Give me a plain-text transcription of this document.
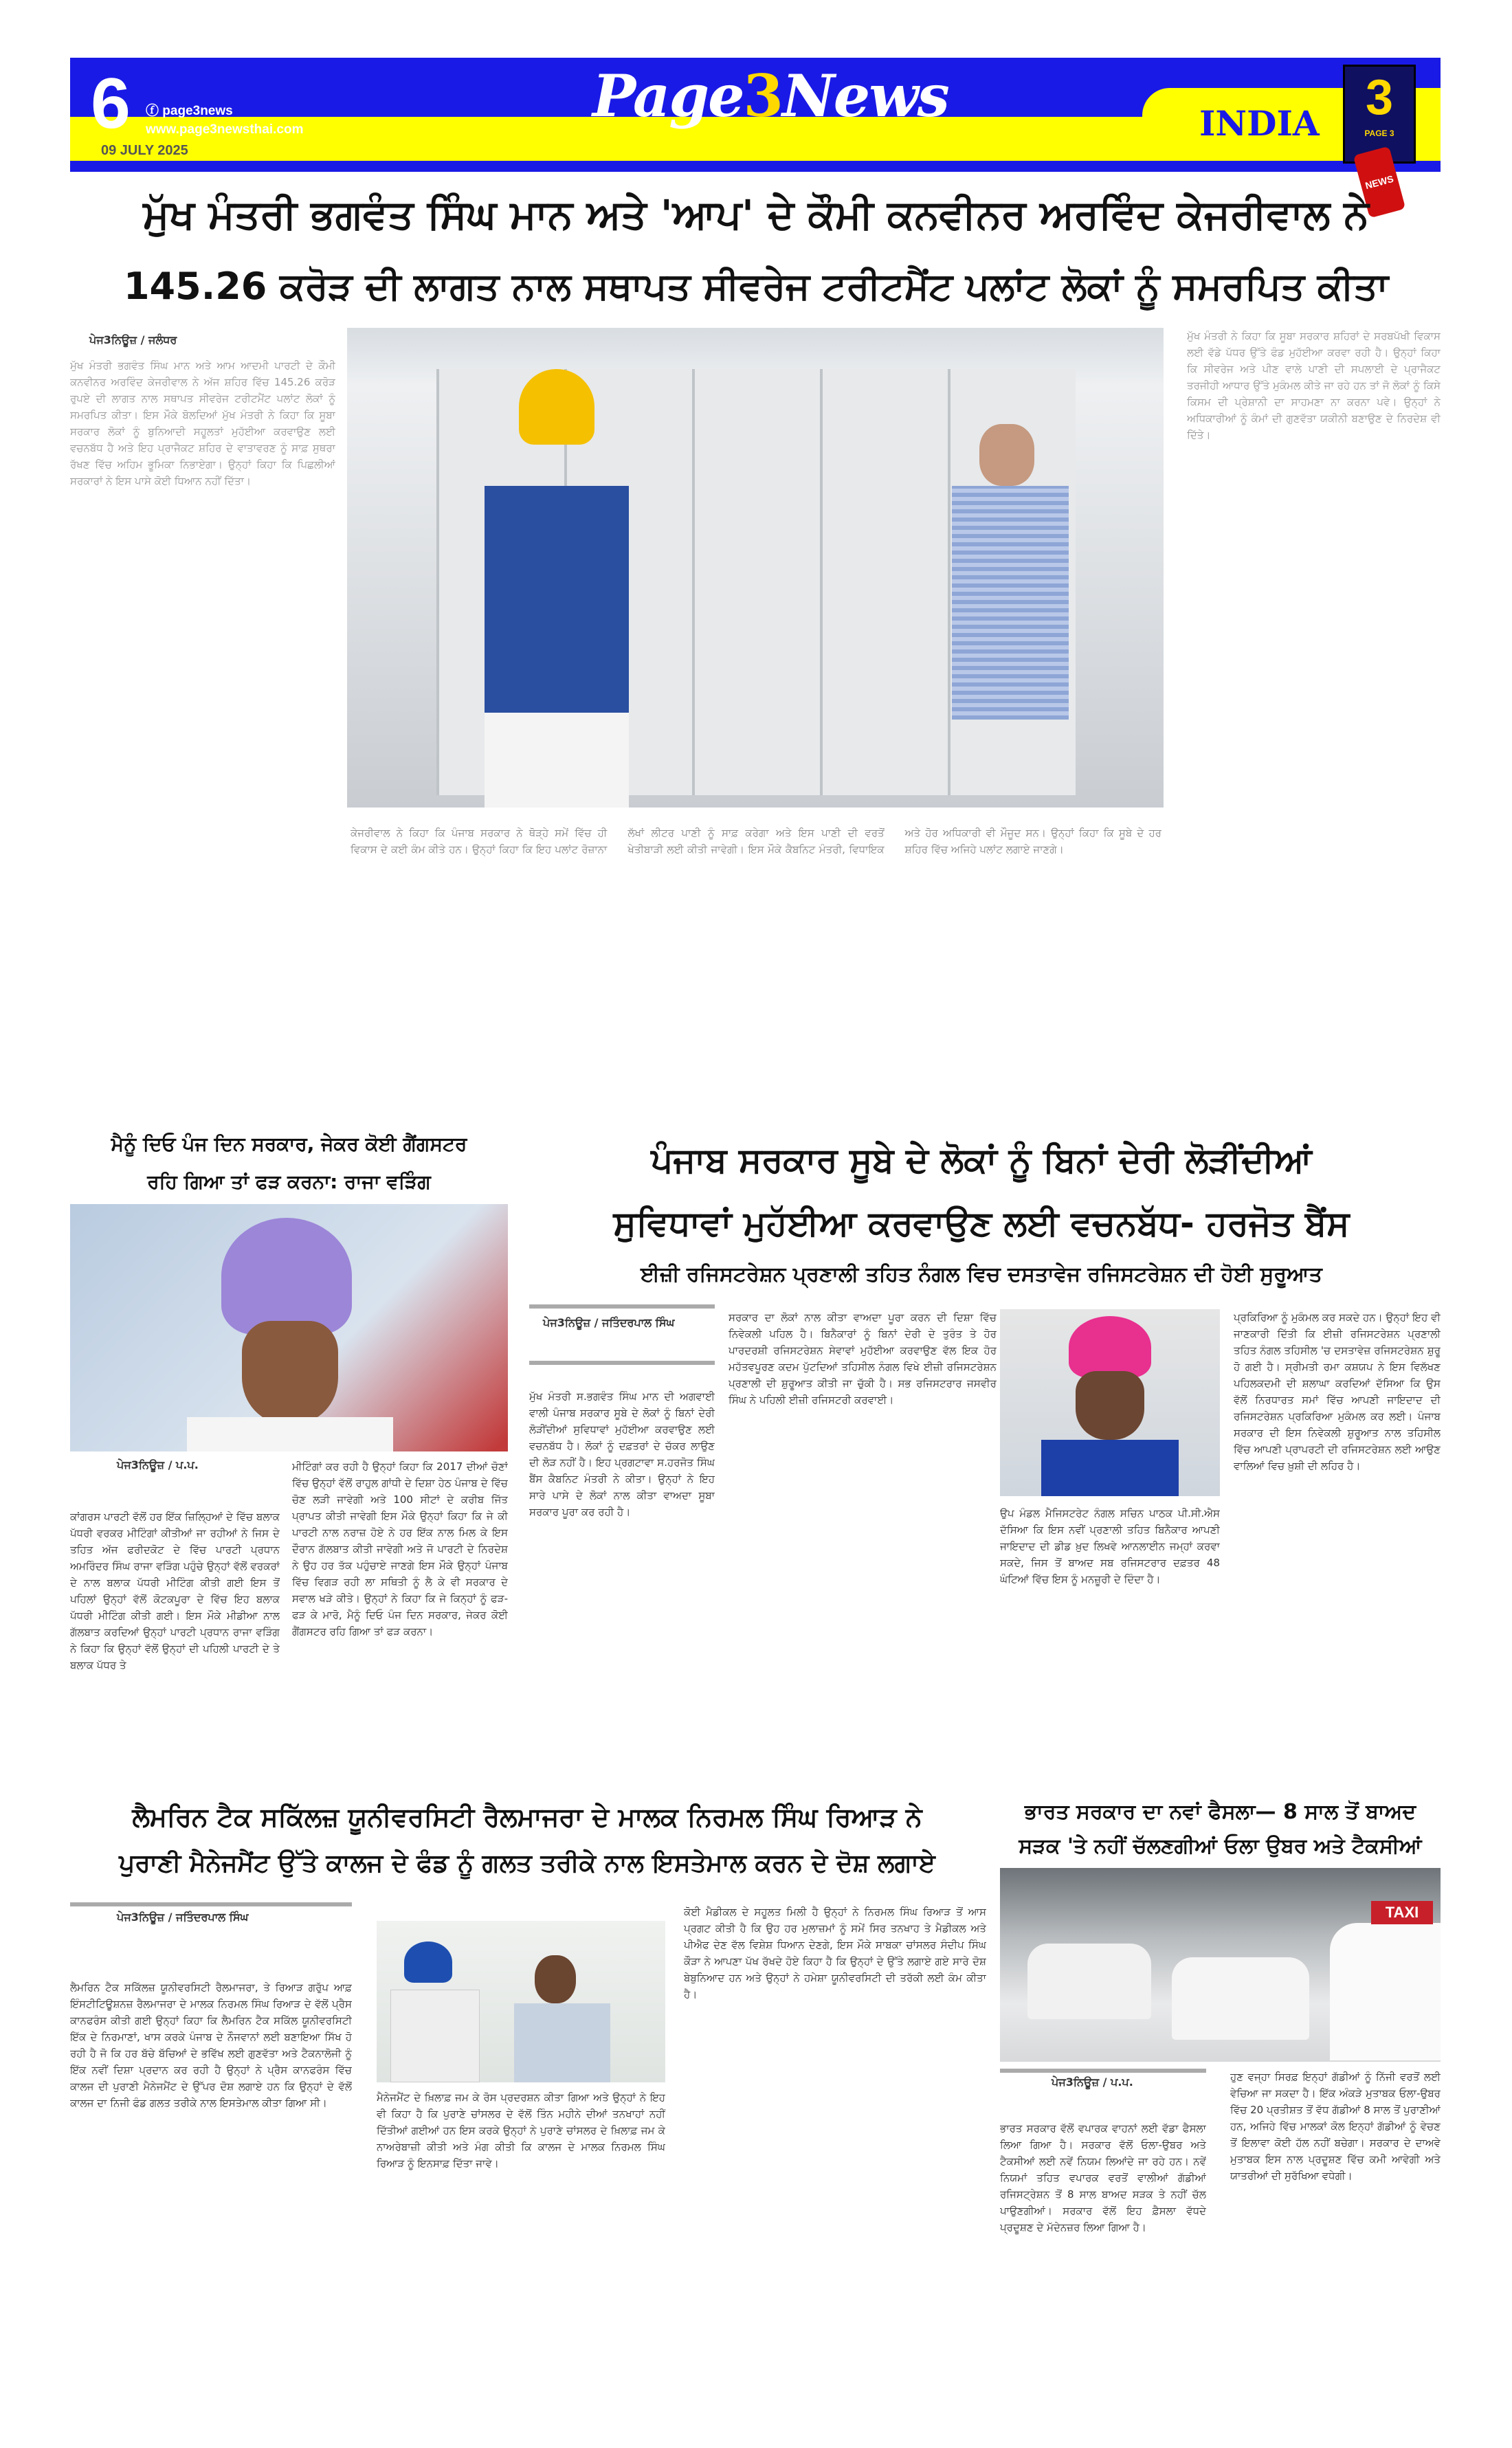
6 ⓕ page3news
www.page3newsthai.com
09 JULY 2025
Page3News	INDIA 3
PAGE 3
NEWS
ਮੁੱਖ ਮੰਤਰੀ ਭਗਵੰਤ ਸਿੰਘ ਮਾਨ ਅਤੇ 'ਆਪ' ਦੇ ਕੌਮੀ ਕਨਵੀਨਰ ਅਰਵਿੰਦ ਕੇਜਰੀਵਾਲ ਨੇ
145.26 ਕਰੋੜ ਦੀ ਲਾਗਤ ਨਾਲ ਸਥਾਪਤ ਸੀਵਰੇਜ ਟਰੀਟਮੈਂਟ ਪਲਾਂਟ ਲੋਕਾਂ ਨੂੰ ਸਮਰਪਿਤ ਕੀਤਾ
ਪੇਜ3ਨਿਊਜ਼ / ਜਲੰਧਰ
ਮੁੱਖ ਮੰਤਰੀ ਭਗਵੰਤ ਸਿੰਘ ਮਾਨ ਅਤੇ ਆਮ ਆਦਮੀ ਪਾਰਟੀ ਦੇ ਕੌਮੀ ਕਨਵੀਨਰ ਅਰਵਿੰਦ ਕੇਜਰੀਵਾਲ ਨੇ ਅੱਜ ਸ਼ਹਿਰ ਵਿੱਚ 145.26 ਕਰੋੜ ਰੁਪਏ ਦੀ ਲਾਗਤ ਨਾਲ ਸਥਾਪਤ ਸੀਵਰੇਜ ਟਰੀਟਮੈਂਟ ਪਲਾਂਟ ਲੋਕਾਂ ਨੂੰ ਸਮਰਪਿਤ ਕੀਤਾ। ਇਸ ਮੌਕੇ ਬੋਲਦਿਆਂ ਮੁੱਖ ਮੰਤਰੀ ਨੇ ਕਿਹਾ ਕਿ ਸੂਬਾ ਸਰਕਾਰ ਲੋਕਾਂ ਨੂੰ ਬੁਨਿਆਦੀ ਸਹੂਲਤਾਂ ਮੁਹੱਈਆ ਕਰਵਾਉਣ ਲਈ ਵਚਨਬੱਧ ਹੈ ਅਤੇ ਇਹ ਪ੍ਰਾਜੈਕਟ ਸ਼ਹਿਰ ਦੇ ਵਾਤਾਵਰਣ ਨੂੰ ਸਾਫ਼ ਸੁਥਰਾ ਰੱਖਣ ਵਿੱਚ ਅਹਿਮ ਭੂਮਿਕਾ ਨਿਭਾਏਗਾ। ਉਨ੍ਹਾਂ ਕਿਹਾ ਕਿ ਪਿਛਲੀਆਂ ਸਰਕਾਰਾਂ ਨੇ ਇਸ ਪਾਸੇ ਕੋਈ ਧਿਆਨ ਨਹੀਂ ਦਿੱਤਾ।
ਕੇਜਰੀਵਾਲ ਨੇ ਕਿਹਾ ਕਿ ਪੰਜਾਬ ਸਰਕਾਰ ਨੇ ਥੋੜ੍ਹੇ ਸਮੇਂ ਵਿੱਚ ਹੀ ਵਿਕਾਸ ਦੇ ਕਈ ਕੰਮ ਕੀਤੇ ਹਨ। ਉਨ੍ਹਾਂ ਕਿਹਾ ਕਿ ਇਹ ਪਲਾਂਟ ਰੋਜ਼ਾਨਾ ਲੱਖਾਂ ਲੀਟਰ ਪਾਣੀ ਨੂੰ ਸਾਫ਼ ਕਰੇਗਾ ਅਤੇ ਇਸ ਪਾਣੀ ਦੀ ਵਰਤੋਂ ਖੇਤੀਬਾੜੀ ਲਈ ਕੀਤੀ ਜਾਵੇਗੀ। ਇਸ ਮੌਕੇ ਕੈਬਨਿਟ ਮੰਤਰੀ, ਵਿਧਾਇਕ ਅਤੇ ਹੋਰ ਅਧਿਕਾਰੀ ਵੀ ਮੌਜੂਦ ਸਨ। ਉਨ੍ਹਾਂ ਕਿਹਾ ਕਿ ਸੂਬੇ ਦੇ ਹਰ ਸ਼ਹਿਰ ਵਿੱਚ ਅਜਿਹੇ ਪਲਾਂਟ ਲਗਾਏ ਜਾਣਗੇ।
ਮੁੱਖ ਮੰਤਰੀ ਨੇ ਕਿਹਾ ਕਿ ਸੂਬਾ ਸਰਕਾਰ ਸ਼ਹਿਰਾਂ ਦੇ ਸਰਬਪੱਖੀ ਵਿਕਾਸ ਲਈ ਵੱਡੇ ਪੱਧਰ ਉੱਤੇ ਫੰਡ ਮੁਹੱਈਆ ਕਰਵਾ ਰਹੀ ਹੈ। ਉਨ੍ਹਾਂ ਕਿਹਾ ਕਿ ਸੀਵਰੇਜ ਅਤੇ ਪੀਣ ਵਾਲੇ ਪਾਣੀ ਦੀ ਸਪਲਾਈ ਦੇ ਪ੍ਰਾਜੈਕਟ ਤਰਜੀਹੀ ਆਧਾਰ ਉੱਤੇ ਮੁਕੰਮਲ ਕੀਤੇ ਜਾ ਰਹੇ ਹਨ ਤਾਂ ਜੋ ਲੋਕਾਂ ਨੂੰ ਕਿਸੇ ਕਿਸਮ ਦੀ ਪ੍ਰੇਸ਼ਾਨੀ ਦਾ ਸਾਹਮਣਾ ਨਾ ਕਰਨਾ ਪਵੇ। ਉਨ੍ਹਾਂ ਨੇ ਅਧਿਕਾਰੀਆਂ ਨੂੰ ਕੰਮਾਂ ਦੀ ਗੁਣਵੱਤਾ ਯਕੀਨੀ ਬਣਾਉਣ ਦੇ ਨਿਰਦੇਸ਼ ਵੀ ਦਿੱਤੇ।
ਮੈਨੂੰ ਦਿਓ ਪੰਜ ਦਿਨ ਸਰਕਾਰ, ਜੇਕਰ ਕੋਈ ਗੈਂਗਸਟਰ
ਰਹਿ ਗਿਆ ਤਾਂ ਫੜ ਕਰਨਾ: ਰਾਜਾ ਵੜਿੰਗ
ਪੇਜ3ਨਿਊਜ਼ / ਪ.ਪ.
ਕਾਂਗਰਸ ਪਾਰਟੀ ਵੱਲੋਂ ਹਰ ਇੱਕ ਜ਼ਿਲ੍ਹਿਆਂ ਦੇ ਵਿੱਚ ਬਲਾਕ ਪੱਧਰੀ ਵਰਕਰ ਮੀਟਿੰਗਾਂ ਕੀਤੀਆਂ ਜਾ ਰਹੀਆਂ ਨੇ ਜਿਸ ਦੇ ਤਹਿਤ ਅੱਜ ਫਰੀਦਕੋਟ ਦੇ ਵਿੱਚ ਪਾਰਟੀ ਪ੍ਰਧਾਨ ਅਮਰਿੰਦਰ ਸਿੰਘ ਰਾਜਾ ਵੜਿੰਗ ਪਹੁੰਚੇ ਉਨ੍ਹਾਂ ਵੱਲੋਂ ਵਰਕਰਾਂ ਦੇ ਨਾਲ ਬਲਾਕ ਪੱਧਰੀ ਮੀਟਿੰਗ ਕੀਤੀ ਗਈ ਇਸ ਤੋਂ ਪਹਿਲਾਂ ਉਨ੍ਹਾਂ ਵੱਲੋਂ ਕੋਟਕਪੂਰਾ ਦੇ ਵਿੱਚ ਇਹ ਬਲਾਕ ਪੱਧਰੀ ਮੀਟਿੰਗ ਕੀਤੀ ਗਈ। ਇਸ ਮੌਕੇ ਮੀਡੀਆ ਨਾਲ ਗੱਲਬਾਤ ਕਰਦਿਆਂ ਉਨ੍ਹਾਂ ਪਾਰਟੀ ਪ੍ਰਧਾਨ ਰਾਜਾ ਵੜਿੰਗ ਨੇ ਕਿਹਾ ਕਿ ਉਨ੍ਹਾਂ ਵੱਲੋਂ ਉਨ੍ਹਾਂ ਦੀ ਪਹਿਲੀ ਪਾਰਟੀ ਦੇ ਤੇ ਬਲਾਕ ਪੱਧਰ ਤੇ
ਮੀਟਿੰਗਾਂ ਕਰ ਰਹੀ ਹੈ ਉਨ੍ਹਾਂ ਕਿਹਾ ਕਿ 2017 ਦੀਆਂ ਚੋਣਾਂ ਵਿੱਚ ਉਨ੍ਹਾਂ ਵੱਲੋਂ ਰਾਹੁਲ ਗਾਂਧੀ ਦੇ ਦਿਸ਼ਾ ਹੇਠ ਪੰਜਾਬ ਦੇ ਵਿੱਚ ਚੋਣ ਲੜੀ ਜਾਵੇਗੀ ਅਤੇ 100 ਸੀਟਾਂ ਦੇ ਕਰੀਬ ਜਿੱਤ ਪ੍ਰਾਪਤ ਕੀਤੀ ਜਾਵੇਗੀ ਇਸ ਮੌਕੇ ਉਨ੍ਹਾਂ ਕਿਹਾ ਕਿ ਜੇ ਕੀ ਪਾਰਟੀ ਨਾਲ ਨਰਾਜ਼ ਹੋਏ ਨੇ ਹਰ ਇੱਕ ਨਾਲ ਮਿਲ ਕੇ ਇਸ ਦੌਰਾਨ ਗੱਲਬਾਤ ਕੀਤੀ ਜਾਵੇਗੀ ਅਤੇ ਜੋ ਪਾਰਟੀ ਦੇ ਨਿਰਦੇਸ਼ ਨੇ ਉਹ ਹਰ ਤੱਕ ਪਹੁੰਚਾਏ ਜਾਣਗੇ ਇਸ ਮੌਕੇ ਉਨ੍ਹਾਂ ਪੰਜਾਬ ਵਿੱਚ ਵਿਗੜ ਰਹੀ ਲਾ ਸਥਿਤੀ ਨੂੰ ਲੈ ਕੇ ਵੀ ਸਰਕਾਰ ਦੇ ਸਵਾਲ ਖੜੇ ਕੀਤੇ। ਉਨ੍ਹਾਂ ਨੇ ਕਿਹਾ ਕਿ ਜੇ ਕਿਨ੍ਹਾਂ ਨੂੰ ਫੜ-ਫੜ ਕੇ ਮਾਰੋ, ਮੈਨੂੰ ਦਿਓ ਪੰਜ ਦਿਨ ਸਰਕਾਰ, ਜੇਕਰ ਕੋਈ ਗੈਂਗਸਟਰ ਰਹਿ ਗਿਆ ਤਾਂ ਫੜ ਕਰਨਾ।
ਪੰਜਾਬ ਸਰਕਾਰ ਸੂਬੇ ਦੇ ਲੋਕਾਂ ਨੂੰ ਬਿਨਾਂ ਦੇਰੀ ਲੋੜੀਂਦੀਆਂ
ਸੁਵਿਧਾਵਾਂ ਮੁਹੱਈਆ ਕਰਵਾਉਣ ਲਈ ਵਚਨਬੱਧ- ਹਰਜੋਤ ਬੈਂਸ
ਈਜ਼ੀ ਰਜਿਸਟਰੇਸ਼ਨ ਪ੍ਰਣਾਲੀ ਤਹਿਤ ਨੰਗਲ ਵਿਚ ਦਸਤਾਵੇਜ ਰਜਿਸਟਰੇਸ਼ਨ ਦੀ ਹੋਈ ਸੁਰੂਆਤ
ਪੇਜ3ਨਿਊਜ਼ / ਜਤਿੰਦਰਪਾਲ ਸਿੰਘ
ਮੁੱਖ ਮੰਤਰੀ ਸ.ਭਗਵੰਤ ਸਿੰਘ ਮਾਨ ਦੀ ਅਗਵਾਈ ਵਾਲੀ ਪੰਜਾਬ ਸਰਕਾਰ ਸੂਬੇ ਦੇ ਲੋਕਾਂ ਨੂੰ ਬਿਨਾਂ ਦੇਰੀ ਲੋੜੀਂਦੀਆਂ ਸੁਵਿਧਾਵਾਂ ਮੁਹੱਈਆ ਕਰਵਾਉਣ ਲਈ ਵਚਨਬੱਧ ਹੈ। ਲੋਕਾਂ ਨੂੰ ਦਫ਼ਤਰਾਂ ਦੇ ਚੱਕਰ ਲਾਉਣ ਦੀ ਲੋੜ ਨਹੀਂ ਹੈ। ਇਹ ਪ੍ਰਗਟਾਵਾ ਸ.ਹਰਜੋਤ ਸਿੰਘ ਬੈਂਸ ਕੈਬਨਿਟ ਮੰਤਰੀ ਨੇ ਕੀਤਾ। ਉਨ੍ਹਾਂ ਨੇ ਇਹ ਸਾਰੇ ਪਾਸੇ ਦੇ ਲੋਕਾਂ ਨਾਲ ਕੀਤਾ ਵਾਅਦਾ ਸੂਬਾ ਸਰਕਾਰ ਪੂਰਾ ਕਰ ਰਹੀ ਹੈ।
ਸਰਕਾਰ ਦਾ ਲੋਕਾਂ ਨਾਲ ਕੀਤਾ ਵਾਅਦਾ ਪੂਰਾ ਕਰਨ ਦੀ ਦਿਸ਼ਾ ਵਿੱਚ ਨਿਵੇਕਲੀ ਪਹਿਲ ਹੈ। ਬਿਨੈਕਾਰਾਂ ਨੂੰ ਬਿਨਾਂ ਦੇਰੀ ਦੇ ਤੁਰੰਤ ਤੇ ਹੋਰ ਪਾਰਦਰਸ਼ੀ ਰਜਿਸਟਰੇਸ਼ਨ ਸੇਵਾਵਾਂ ਮੁਹੱਈਆ ਕਰਵਾਉਣ ਵੱਲ ਇਕ ਹੋਰ ਮਹੱਤਵਪੂਰਣ ਕਦਮ ਪੁੱਟਦਿਆਂ ਤਹਿਸੀਲ ਨੰਗਲ ਵਿਖੇ ਈਜ਼ੀ ਰਜਿਸਟਰੇਸ਼ਨ ਪ੍ਰਣਾਲੀ ਦੀ ਸ਼ੁਰੂਆਤ ਕੀਤੀ ਜਾ ਚੁੱਕੀ ਹੈ। ਸਭ ਰਜਿਸਟਰਾਰ ਜਸਵੀਰ ਸਿੰਘ ਨੇ ਪਹਿਲੀ ਈਜ਼ੀ ਰਜਿਸਟਰੀ ਕਰਵਾਈ।
ਉਪ ਮੰਡਲ ਮੈਜਿਸਟਰੇਟ ਨੰਗਲ ਸਚਿਨ ਪਾਠਕ ਪੀ.ਸੀ.ਐਸ ਦੱਸਿਆ ਕਿ ਇਸ ਨਵੀਂ ਪ੍ਰਣਾਲੀ ਤਹਿਤ ਬਿਨੈਕਾਰ ਆਪਣੀ ਜਾਇਦਾਦ ਦੀ ਡੀਡ ਖ਼ੁਦ ਲਿਖਵੇ ਆਨਲਾਈਨ ਜਮ੍ਹਾਂ ਕਰਵਾ ਸਕਦੇ, ਜਿਸ ਤੋਂ ਬਾਅਦ ਸਬ ਰਜਿਸਟਰਾਰ ਦਫ਼ਤਰ 48 ਘੰਟਿਆਂ ਵਿੱਚ ਇਸ ਨੂੰ ਮਨਜ਼ੂਰੀ ਦੇ ਦਿੰਦਾ ਹੈ।
ਪ੍ਰਕਿਰਿਆ ਨੂੰ ਮੁਕੰਮਲ ਕਰ ਸਕਦੇ ਹਨ। ਉਨ੍ਹਾਂ ਇਹ ਵੀ ਜਾਣਕਾਰੀ ਦਿੱਤੀ ਕਿ ਈਜ਼ੀ ਰਜਿਸਟਰੇਸ਼ਨ ਪ੍ਰਣਾਲੀ ਤਹਿਤ ਨੰਗਲ ਤਹਿਸੀਲ 'ਚ ਦਸਤਾਵੇਜ਼ ਰਜਿਸਟਰੇਸ਼ਨ ਸ਼ੁਰੂ ਹੋ ਗਈ ਹੈ। ਸ੍ਰੀਮਤੀ ਰਮਾ ਕਸ਼ਯਪ ਨੇ ਇਸ ਵਿਲੱਖਣ ਪਹਿਲਕਦਮੀ ਦੀ ਸ਼ਲਾਘਾ ਕਰਦਿਆਂ ਦੱਸਿਆ ਕਿ ਉਸ ਵੱਲੋਂ ਨਿਰਧਾਰਤ ਸਮਾਂ ਵਿੱਚ ਆਪਣੀ ਜਾਇਦਾਦ ਦੀ ਰਜਿਸਟਰੇਸ਼ਨ ਪ੍ਰਕਿਰਿਆ ਮੁਕੰਮਲ ਕਰ ਲਈ। ਪੰਜਾਬ ਸਰਕਾਰ ਦੀ ਇਸ ਨਿਵੇਕਲੀ ਸ਼ੁਰੂਆਤ ਨਾਲ ਤਹਿਸੀਲ ਵਿੱਚ ਆਪਣੀ ਪ੍ਰਾਪਰਟੀ ਦੀ ਰਜਿਸਟਰੇਸ਼ਨ ਲਈ ਆਉਣ ਵਾਲਿਆਂ ਵਿਚ ਖ਼ੁਸ਼ੀ ਦੀ ਲਹਿਰ ਹੈ।
ਲੈਮਰਿਨ ਟੈਕ ਸਕਿੱਲਜ਼ ਯੂਨੀਵਰਸਿਟੀ ਰੈਲਮਾਜਰਾ ਦੇ ਮਾਲਕ ਨਿਰਮਲ ਸਿੰਘ ਰਿਆੜ ਨੇ
ਪੁਰਾਣੀ ਮੈਨੇਜਮੈਂਟ ਉੱਤੇ ਕਾਲਜ ਦੇ ਫੰਡ ਨੂੰ ਗਲਤ ਤਰੀਕੇ ਨਾਲ ਇਸਤੇਮਾਲ ਕਰਨ ਦੇ ਦੋਸ਼ ਲਗਾਏ
ਪੇਜ3ਨਿਊਜ਼ / ਜਤਿੰਦਰਪਾਲ ਸਿੰਘ
ਲੈਮਰਿਨ ਟੈਕ ਸਕਿੱਲਜ਼ ਯੂਨੀਵਰਸਿਟੀ ਰੈਲਮਾਜਰਾ, ਤੇ ਰਿਆੜ ਗਰੁੱਪ ਆਫ਼ ਇੰਸਟੀਟਿਊਸ਼ਨਜ਼ ਰੈਲਮਾਜਰਾ ਦੇ ਮਾਲਕ ਨਿਰਮਲ ਸਿੰਘ ਰਿਆੜ ਦੇ ਵੱਲੋਂ ਪ੍ਰੈਸ ਕਾਨਫਰੰਸ ਕੀਤੀ ਗਈ ਉਨ੍ਹਾਂ ਕਿਹਾ ਕਿ ਲੈਮਰਿਨ ਟੈਕ ਸਕਿੱਲ ਯੂਨੀਵਰਸਿਟੀ ਇੱਕ ਦੇ ਨਿਰਮਾਣਾਂ, ਖਾਸ ਕਰਕੇ ਪੰਜਾਬ ਦੇ ਨੌਜਵਾਨਾਂ ਲਈ ਬਣਾਇਆ ਸਿੱਖ ਹੋ ਰਹੀ ਹੈ ਜੋ ਕਿ ਹਰ ਬੱਚੇ ਬੱਚਿਆਂ ਦੇ ਭਵਿੱਖ ਲਈ ਗੁਣਵੱਤਾ ਅਤੇ ਟੈਕਨਾਲੋਜੀ ਨੂੰ ਇੱਕ ਨਵੀਂ ਦਿਸ਼ਾ ਪ੍ਰਦਾਨ ਕਰ ਰਹੀ ਹੈ ਉਨ੍ਹਾਂ ਨੇ ਪ੍ਰੈਸ ਕਾਨਫਰੰਸ ਵਿੱਚ ਕਾਲਜ ਦੀ ਪੁਰਾਣੀ ਮੈਨੇਜਮੈਂਟ ਦੇ ਉੱਪਰ ਦੋਸ਼ ਲਗਾਏ ਹਨ ਕਿ ਉਨ੍ਹਾਂ ਦੇ ਵੱਲੋਂ ਕਾਲਜ ਦਾ ਨਿਜੀ ਫੰਡ ਗਲਤ ਤਰੀਕੇ ਨਾਲ ਇਸਤੇਮਾਲ ਕੀਤਾ ਗਿਆ ਸੀ।	ਮੈਨੇਜਮੈਂਟ ਦੇ ਖ਼ਿਲਾਫ਼ ਜਮ ਕੇ ਰੋਸ ਪ੍ਰਦਰਸ਼ਨ ਕੀਤਾ ਗਿਆ ਅਤੇ ਉਨ੍ਹਾਂ ਨੇ ਇਹ ਵੀ ਕਿਹਾ ਹੈ ਕਿ ਪੁਰਾਣੇ ਚਾਂਸਲਰ ਦੇ ਵੱਲੋਂ ਤਿੰਨ ਮਹੀਨੇ ਦੀਆਂ ਤਨਖਾਹਾਂ ਨਹੀਂ ਦਿੱਤੀਆਂ ਗਈਆਂ ਹਨ ਇਸ ਕਰਕੇ ਉਨ੍ਹਾਂ ਨੇ ਪੁਰਾਣੇ ਚਾਂਸਲਰ ਦੇ ਖ਼ਿਲਾਫ਼ ਜਮ ਕੇ ਨਾਅਰੇਬਾਜ਼ੀ ਕੀਤੀ ਅਤੇ ਮੰਗ ਕੀਤੀ ਕਿ ਕਾਲਜ ਦੇ ਮਾਲਕ ਨਿਰਮਲ ਸਿੰਘ ਰਿਆੜ ਨੂੰ ਇਨਸਾਫ਼ ਦਿੱਤਾ ਜਾਵੇ।
ਕੋਈ ਮੈਡੀਕਲ ਦੇ ਸਹੂਲਤ ਮਿਲੀ ਹੈ ਉਨ੍ਹਾਂ ਨੇ ਨਿਰਮਲ ਸਿੰਘ ਰਿਆੜ ਤੋਂ ਆਸ ਪ੍ਰਗਟ ਕੀਤੀ ਹੈ ਕਿ ਉਹ ਹਰ ਮੁਲਾਜ਼ਮਾਂ ਨੂੰ ਸਮੇਂ ਸਿਰ ਤਨਖਾਹ ਤੇ ਮੈਡੀਕਲ ਅਤੇ ਪੀਐਫ ਦੇਣ ਵੱਲ ਵਿਸ਼ੇਸ਼ ਧਿਆਨ ਦੇਣਗੇ, ਇਸ ਮੌਕੇ ਸਾਬਕਾ ਚਾਂਸਲਰ ਸੰਦੀਪ ਸਿੰਘ ਕੌੜਾ ਨੇ ਆਪਣਾ ਪੱਖ ਰੱਖਦੇ ਹੋਏ ਕਿਹਾ ਹੈ ਕਿ ਉਨ੍ਹਾਂ ਦੇ ਉੱਤੇ ਲਗਾਏ ਗਏ ਸਾਰੇ ਦੋਸ਼ ਬੇਬੁਨਿਆਦ ਹਨ ਅਤੇ ਉਨ੍ਹਾਂ ਨੇ ਹਮੇਸ਼ਾ ਯੂਨੀਵਰਸਿਟੀ ਦੀ ਤਰੱਕੀ ਲਈ ਕੰਮ ਕੀਤਾ ਹੈ।
ਭਾਰਤ ਸਰਕਾਰ ਦਾ ਨਵਾਂ ਫੈਸਲਾ— 8 ਸਾਲ ਤੋਂ ਬਾਅਦ
ਸੜਕ 'ਤੇ ਨਹੀਂ ਚੱਲਣਗੀਆਂ ਓਲਾ ਉਬਰ ਅਤੇ ਟੈਕਸੀਆਂ
TAXI
ਪੇਜ3ਨਿਊਜ਼ / ਪ.ਪ.
ਭਾਰਤ ਸਰਕਾਰ ਵੱਲੋਂ ਵਪਾਰਕ ਵਾਹਨਾਂ ਲਈ ਵੱਡਾ ਫੈਸਲਾ ਲਿਆ ਗਿਆ ਹੈ। ਸਰਕਾਰ ਵੱਲੋਂ ਓਲਾ-ਉਬਰ ਅਤੇ ਟੈਕਸੀਆਂ ਲਈ ਨਵੇਂ ਨਿਯਮ ਲਿਆਂਦੇ ਜਾ ਰਹੇ ਹਨ। ਨਵੇਂ ਨਿਯਮਾਂ ਤਹਿਤ ਵਪਾਰਕ ਵਰਤੋਂ ਵਾਲੀਆਂ ਗੱਡੀਆਂ ਰਜਿਸਟ੍ਰੇਸ਼ਨ ਤੋਂ 8 ਸਾਲ ਬਾਅਦ ਸੜਕ ਤੇ ਨਹੀਂ ਚੱਲ ਪਾਉਣਗੀਆਂ। ਸਰਕਾਰ ਵੱਲੋਂ ਇਹ ਫ਼ੈਸਲਾ ਵੱਧਦੇ ਪ੍ਰਦੂਸ਼ਣ ਦੇ ਮੱਦੇਨਜ਼ਰ ਲਿਆ ਗਿਆ ਹੈ।
ਹੁਣ ਵਜ੍ਹਾ ਸਿਰਫ਼ ਇਨ੍ਹਾਂ ਗੱਡੀਆਂ ਨੂੰ ਨਿੱਜੀ ਵਰਤੋਂ ਲਈ ਵੇਚਿਆ ਜਾ ਸਕਦਾ ਹੈ। ਇੱਕ ਅੰਕੜੇ ਮੁਤਾਬਕ ਓਲਾ-ਉਬਰ ਵਿੱਚ 20 ਪ੍ਰਤੀਸ਼ਤ ਤੋਂ ਵੱਧ ਗੱਡੀਆਂ 8 ਸਾਲ ਤੋਂ ਪੁਰਾਣੀਆਂ ਹਨ, ਅਜਿਹੇ ਵਿੱਚ ਮਾਲਕਾਂ ਕੋਲ ਇਨ੍ਹਾਂ ਗੱਡੀਆਂ ਨੂੰ ਵੇਚਣ ਤੋਂ ਇਲਾਵਾ ਕੋਈ ਹੱਲ ਨਹੀਂ ਬਚੇਗਾ। ਸਰਕਾਰ ਦੇ ਦਾਅਵੇ ਮੁਤਾਬਕ ਇਸ ਨਾਲ ਪ੍ਰਦੂਸ਼ਣ ਵਿੱਚ ਕਮੀ ਆਵੇਗੀ ਅਤੇ ਯਾਤਰੀਆਂ ਦੀ ਸੁਰੱਖਿਆ ਵਧੇਗੀ।
